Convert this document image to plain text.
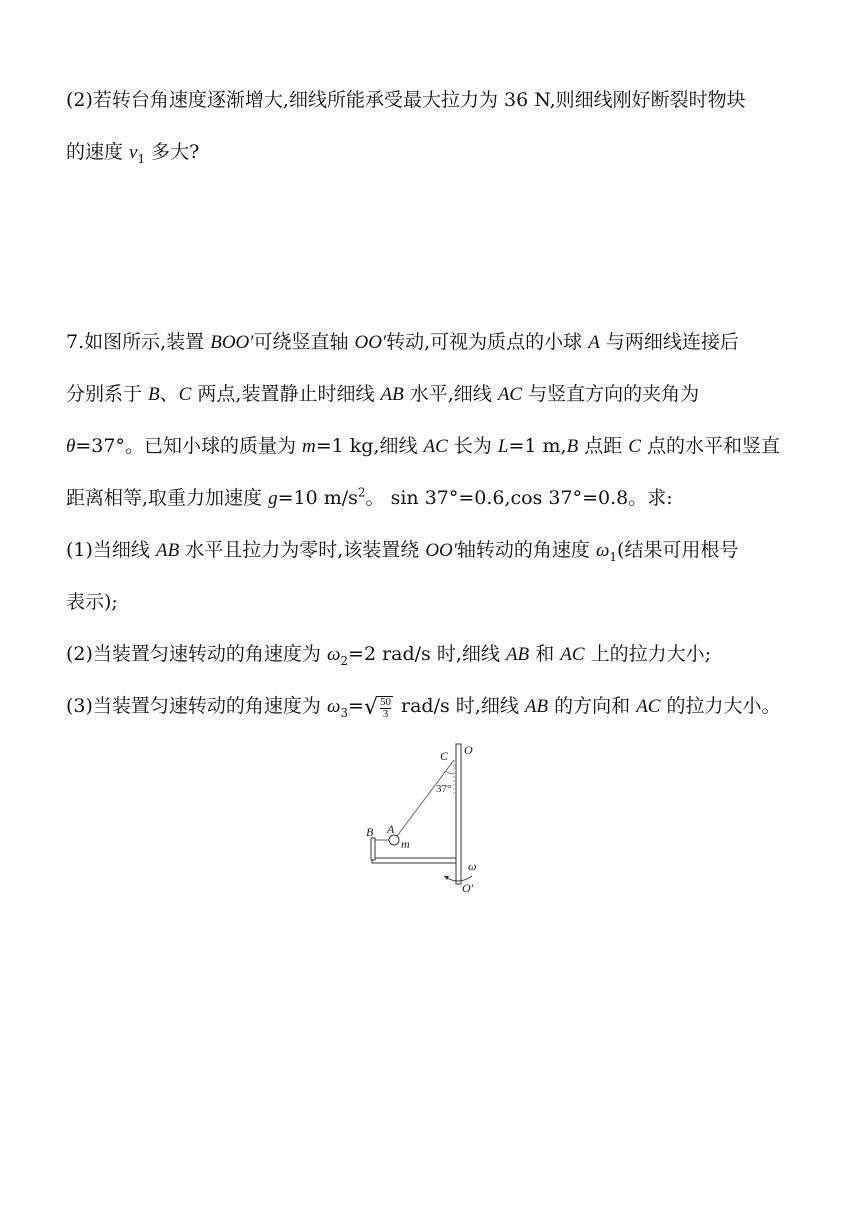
(2)若转台角速度逐渐增大,细线所能承受最大拉力为 36 N,则细线刚好断裂时物块
的速度 $v_1$ 多大?
7.如图所示,装置 BOO′可绕竖直轴 OO′转动,可视为质点的小球 A 与两细线连接后
分别系于 B、C 两点,装置静止时细线 AB 水平,细线 AC 与竖直方向的夹角为
θ=37°。已知小球的质量为 m=1 kg,细线 AC 长为 L=1 m,B 点距 C 点的水平和竖直
距离相等,取重力加速度 g=10 $m/s^2$。 sin 37°=0.6,cos 37°=0.8。求:
(1)当细线 AB 水平且拉力为零时,该装置绕 OO′轴转动的角速度 $\omega_1$(结果可用根号
表示);
(2)当装置匀速转动的角速度为 $\omega_2=2$ rad/s 时,细线 AB 和 AC 上的拉力大小;
(3)当装置匀速转动的角速度为 $\omega_3=√ \frac{50}{3} rad/s$ 时,细线 AB 的方向和 AC 的拉力大小。
C O
37°
B A
m
ω
O′
